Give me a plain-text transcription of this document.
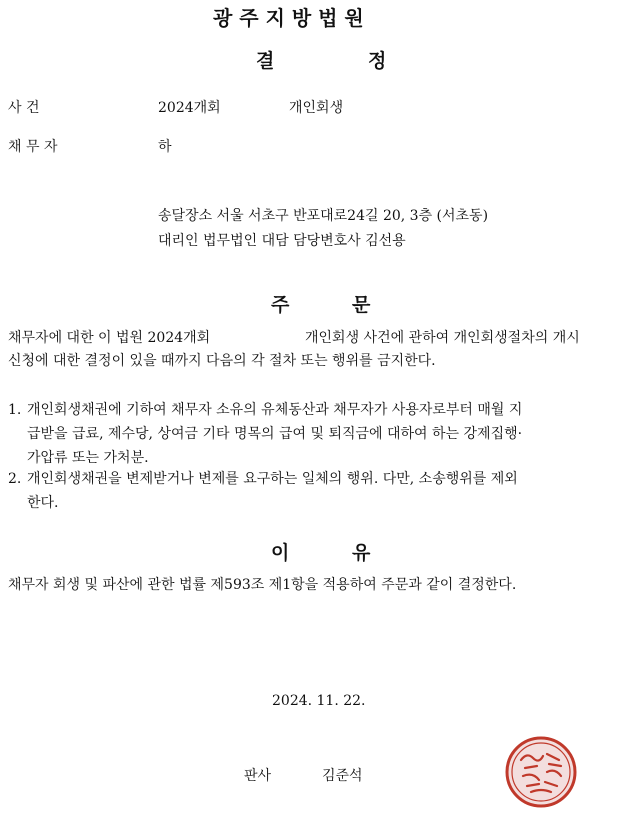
광 주 지 방 법 원
결	정
사 건	2024개회	개인회생
채 무 자	하
송달장소 서울 서초구 반포대로24길 20, 3층 (서초동)
대리인 법무법인 대담 담당변호사 김선용
주	문
채무자에 대한 이 법원 2024개회	개인회생 사건에 관하여 개인회생절차의 개시
신청에 대한 결정이 있을 때까지 다음의 각 절차 또는 행위를 금지한다.
1. 개인회생채권에 기하여 채무자 소유의 유체동산과 채무자가 사용자로부터 매월 지
급받을 급료, 제수당, 상여금 기타 명목의 급여 및 퇴직금에 대하여 하는 강제집행·
가압류 또는 가처분.
2. 개인회생채권을 변제받거나 변제를 요구하는 일체의 행위. 다만, 소송행위를 제외
한다.
이	유
채무자 회생 및 파산에 관한 법률 제593조 제1항을 적용하여 주문과 같이 결정한다.
2024. 11. 22.
판사	김준석
